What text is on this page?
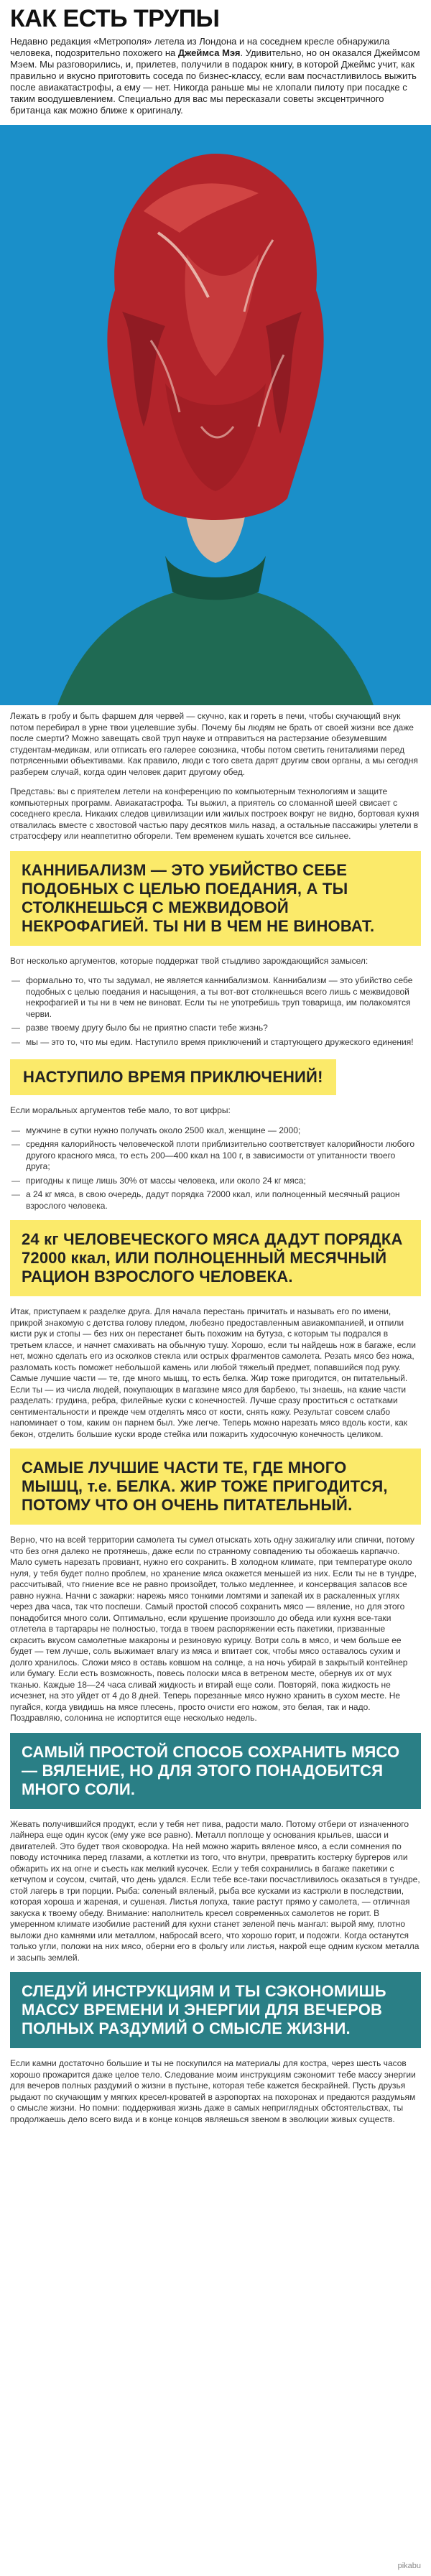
КАК ЕСТЬ ТРУПЫ

Недавно редакция «Метрополя» летела из Лондона и на соседнем кресле обнаружила человека, подозрительно похожего на Джеймса Мэя. Удивительно, но он оказался Джеймсом Мэем. Мы разговорились, и, прилетев, получили в подарок книгу, в которой Джеймс учит, как правильно и вкусно приготовить соседа по бизнес-классу, если вам посчастливилось выжить после авиакатастрофы, а ему — нет. Никогда раньше мы не хлопали пилоту при посадке с таким воодушевлением. Специально для вас мы пересказали советы эксцентричного британца как можно ближе к оригиналу.

Лежать в гробу и быть фаршем для червей — скучно, как и гореть в печи, чтобы скучающий внук потом перебирал в урне твои уцелевшие зубы. Почему бы людям не брать от своей жизни все даже после смерти? Можно завещать свой труп науке и отправиться на растерзание обезумевшим студентам-медикам, или отписать его галерее союзника, чтобы потом светить гениталиями перед потрясенными объективами. Как правило, люди с того света дарят другим свои органы, а мы сегодня разберем случай, когда один человек дарит другому обед.

Представь: вы с приятелем летели на конференцию по компьютерным технологиям и защите компьютерных программ. Авиакатастрофа. Ты выжил, а приятель со сломанной шеей свисает с соседнего кресла. Никаких следов цивилизации или жилых построек вокруг не видно, бортовая кухня отвалилась вместе с хвостовой частью пару десятков миль назад, а остальные пассажиры улетели в стратосферу или неаппетитно обгорели. Тем временем кушать хочется все сильнее.

КАННИБАЛИЗМ — ЭТО УБИЙСТВО СЕБЕ ПОДОБНЫХ С ЦЕЛЬЮ ПОЕДАНИЯ, А ТЫ СТОЛКНЕШЬСЯ С МЕЖВИДОВОЙ НЕКРОФАГИЕЙ. ТЫ НИ В ЧЕМ НЕ ВИНОВАТ.

Вот несколько аргументов, которые поддержат твой стыдливо зарождающийся замысел:

— формально то, что ты задумал, не является каннибализмом. Каннибализм — это убийство себе подобных с целью поедания и насыщения, а ты вот-вот столкнешься всего лишь с межвидовой некрофагией и ты ни в чем не виноват. Если ты не употребишь труп товарища, им полакомятся черви.
— разве твоему другу было бы не приятно спасти тебе жизнь?
— мы — это то, что мы едим. Наступило время приключений и стартующего дружеского единения!
НАСТУПИЛО ВРЕМЯ ПРИКЛЮЧЕНИЙ!

Если моральных аргументов тебе мало, то вот цифры:

— мужчине в сутки нужно получать около 2500 ккал, женщине — 2000;
— средняя калорийность человеческой плоти приблизительно соответствует калорийности любого другого красного мяса, то есть 200—400 ккал на 100 г, в зависимости от упитанности твоего друга;
— пригодны к пище лишь 30% от массы человека, или около 24 кг мяса;
— а 24 кг мяса, в свою очередь, дадут порядка 72000 ккал, или полноценный месячный рацион взрослого человека.
24 кг ЧЕЛОВЕЧЕСКОГО МЯСА ДАДУТ ПОРЯДКА 72000 ккал, ИЛИ ПОЛНОЦЕННЫЙ МЕСЯЧНЫЙ РАЦИОН ВЗРОСЛОГО ЧЕЛОВЕКА.

Итак, приступаем к разделке друга. Для начала перестань причитать и называть его по имени, прикрой знакомую с детства голову пледом, любезно предоставленным авиакомпанией, и отпили кисти рук и стопы — без них он перестанет быть похожим на бутуза, с которым ты подрался в третьем классе, и начнет смахивать на обычную тушу. Хорошо, если ты найдешь нож в багаже, если нет, можно сделать его из осколков стекла или острых фрагментов самолета. Резать мясо без ножа, разломать кость поможет небольшой камень или любой тяжелый предмет, попавшийся под руку. Самые лучшие части — те, где много мышц, то есть белка. Жир тоже пригодится, он питательный. Если ты — из числа людей, покупающих в магазине мясо для барбекю, ты знаешь, на какие части разделать: грудина, ребра, филейные куски с конечностей. Лучше сразу проститься с остатками сентиментальности и прежде чем отделять мясо от кости, снять кожу. Результат совсем слабо напоминает о том, каким он парнем был. Уже легче. Теперь можно нарезать мясо вдоль кости, как бекон, отделить большие куски вроде стейка или пожарить худосочную конечность целиком.

САМЫЕ ЛУЧШИЕ ЧАСТИ ТЕ, ГДЕ МНОГО МЫШЦ, т.е. БЕЛКА. ЖИР ТОЖЕ ПРИГОДИТСЯ, ПОТОМУ ЧТО ОН ОЧЕНЬ ПИТАТЕЛЬНЫЙ.

Верно, что на всей территории самолета ты сумел отыскать хоть одну зажигалку или спички, потому что без огня далеко не протянешь, даже если по странному совпадению ты обожаешь карпаччо. Мало суметь нарезать провиант, нужно его сохранить. В холодном климате, при температуре около нуля, у тебя будет полно проблем, но хранение мяса окажется меньшей из них. Если ты не в тундре, рассчитывай, что гниение все не равно произойдет, только медленнее, и консервация запасов все равно нужна. Начни с зажарки: нарежь мясо тонкими ломтями и запекай их в раскаленных углях через два часа, так что поспеши. Самый простой способ сохранить мясо — вяление, но для этого понадобится много соли. Оптимально, если крушение произошло до обеда или кухня все-таки отлетела в тартарары не полностью, тогда в твоем распоряжении есть пакетики, призванные скрасить вкусом самолетные макароны и резиновую курицу. Вотри соль в мясо, и чем больше ее будет — тем лучше, соль выжимает влагу из мяса и впитает сок, чтобы мясо оставалось сухим и долго хранилось. Сложи мясо в оставь ковшом на солнце, а на ночь убирай в закрытый контейнер или бумагу. Если есть возможность, повесь полоски мяса в ветреном месте, обернув их от мух тканью. Каждые 18—24 часа сливай жидкость и втирай еще соли. Повторяй, пока жидкость не исчезнет, на это уйдет от 4 до 8 дней. Теперь порезанные мясо нужно хранить в сухом месте. Не пугайся, когда увидишь на мясе плесень, просто очисти его ножом, это белая, так и надо. Поздравляю, солонина не испортится еще несколько недель.

САМЫЙ ПРОСТОЙ СПОСОБ СОХРАНИТЬ МЯСО — ВЯЛЕНИЕ, НО ДЛЯ ЭТОГО ПОНАДОБИТСЯ МНОГО СОЛИ.

Жевать получившийся продукт, если у тебя нет пива, радости мало. Потому отбери от изначенного лайнера еще один кусок (ему уже все равно). Металл поплоще у основания крыльев, шасси и двигателей. Это будет твоя сковородка. На ней можно жарить вяленое мясо, а если сомнения по поводу источника перед глазами, а котлетки из того, что внутри, превратить костерку бургеров или обжарить их на огне и съесть как мелкий кусочек. Если у тебя сохранились в багаже пакетики с кетчупом и соусом, считай, что день удался. Если тебе все-таки посчастливилось оказаться в тундре, стой лагерь в три порции. Рыба: соленый вяленый, рыба все кусками из кастрюли в последствии, которая хороша и жареная, и сушеная. Листья лопуха, такие растут прямо у самолета, — отличная закуска к твоему обеду. Внимание: наполнитель кресел современных самолетов не горит. В умеренном климате изобилие растений для кухни станет зеленой печь мангал: вырой яму, плотно выложи дно камнями или металлом, набросай всего, что хорошо горит, и подожги. Когда останутся только угли, положи на них мясо, оберни его в фольгу или листья, накрой еще одним куском металла и засыпь землей.

СЛЕДУЙ ИНСТРУКЦИЯМ И ТЫ СЭКОНОМИШЬ МАССУ ВРЕМЕНИ И ЭНЕРГИИ ДЛЯ ВЕЧЕРОВ ПОЛНЫХ РАЗДУМИЙ О СМЫСЛЕ ЖИЗНИ.

Если камни достаточно большие и ты не поскупился на материалы для костра, через шесть часов хорошо прожарится даже целое тело. Следование моим инструкциям сэкономит тебе массу энергии для вечеров полных раздумий о жизни в пустыне, которая тебе кажется бескрайней. Пусть друзья рыдают по скучающим у мягких кресел-кроватей в аэропортах на похоронах и предаются раздумьям о смысле жизни. Но помни: поддерживая жизнь даже в самых неприглядных обстоятельствах, ты продолжаешь дело всего вида и в конце концов являешься звеном в эволюции живых существ.

pikabu
